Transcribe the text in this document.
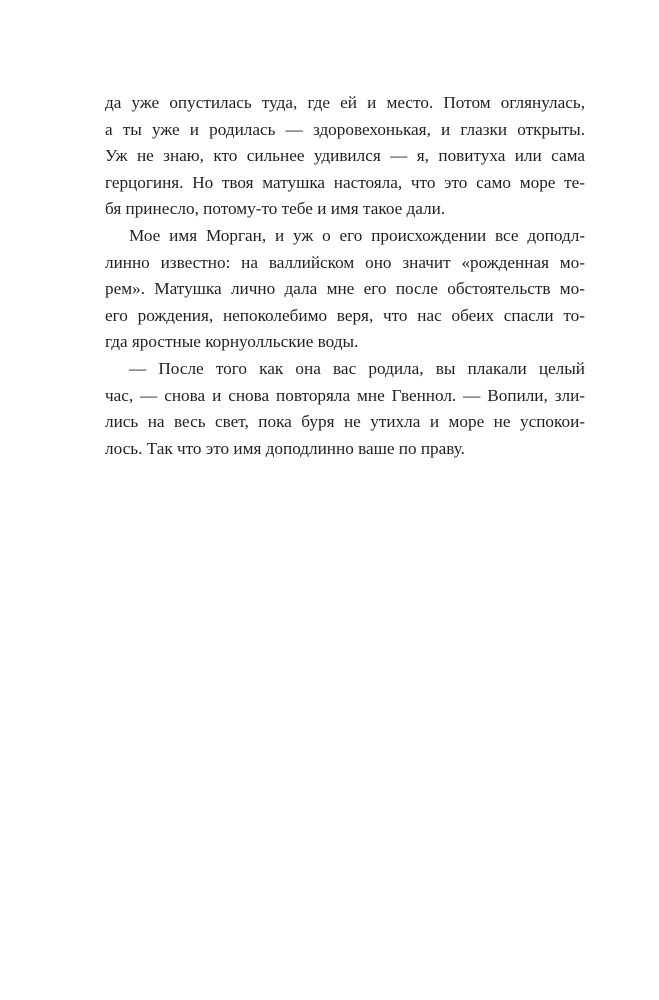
да уже опустилась туда, где ей и место. Потом оглянулась,
а ты уже и родилась — здоровехонькая, и глазки открыты.
Уж не знаю, кто сильнее удивился — я, повитуха или сама
герцогиня. Но твоя матушка настояла, что это само море те-
бя принесло, потому-то тебе и имя такое дали.
Мое имя Морган, и уж о его происхождении все доподл-
линно известно: на валлийском оно значит «рожденная мо-
рем». Матушка лично дала мне его после обстоятельств мо-
его рождения, непоколебимо веря, что нас обеих спасли то-
гда яростные корнуолльские воды.
— После того как она вас родила, вы плакали целый
час, — снова и снова повторяла мне Гвеннол. — Вопили, зли-
лись на весь свет, пока буря не утихла и море не успокои-
лось. Так что это имя доподлинно ваше по праву.
